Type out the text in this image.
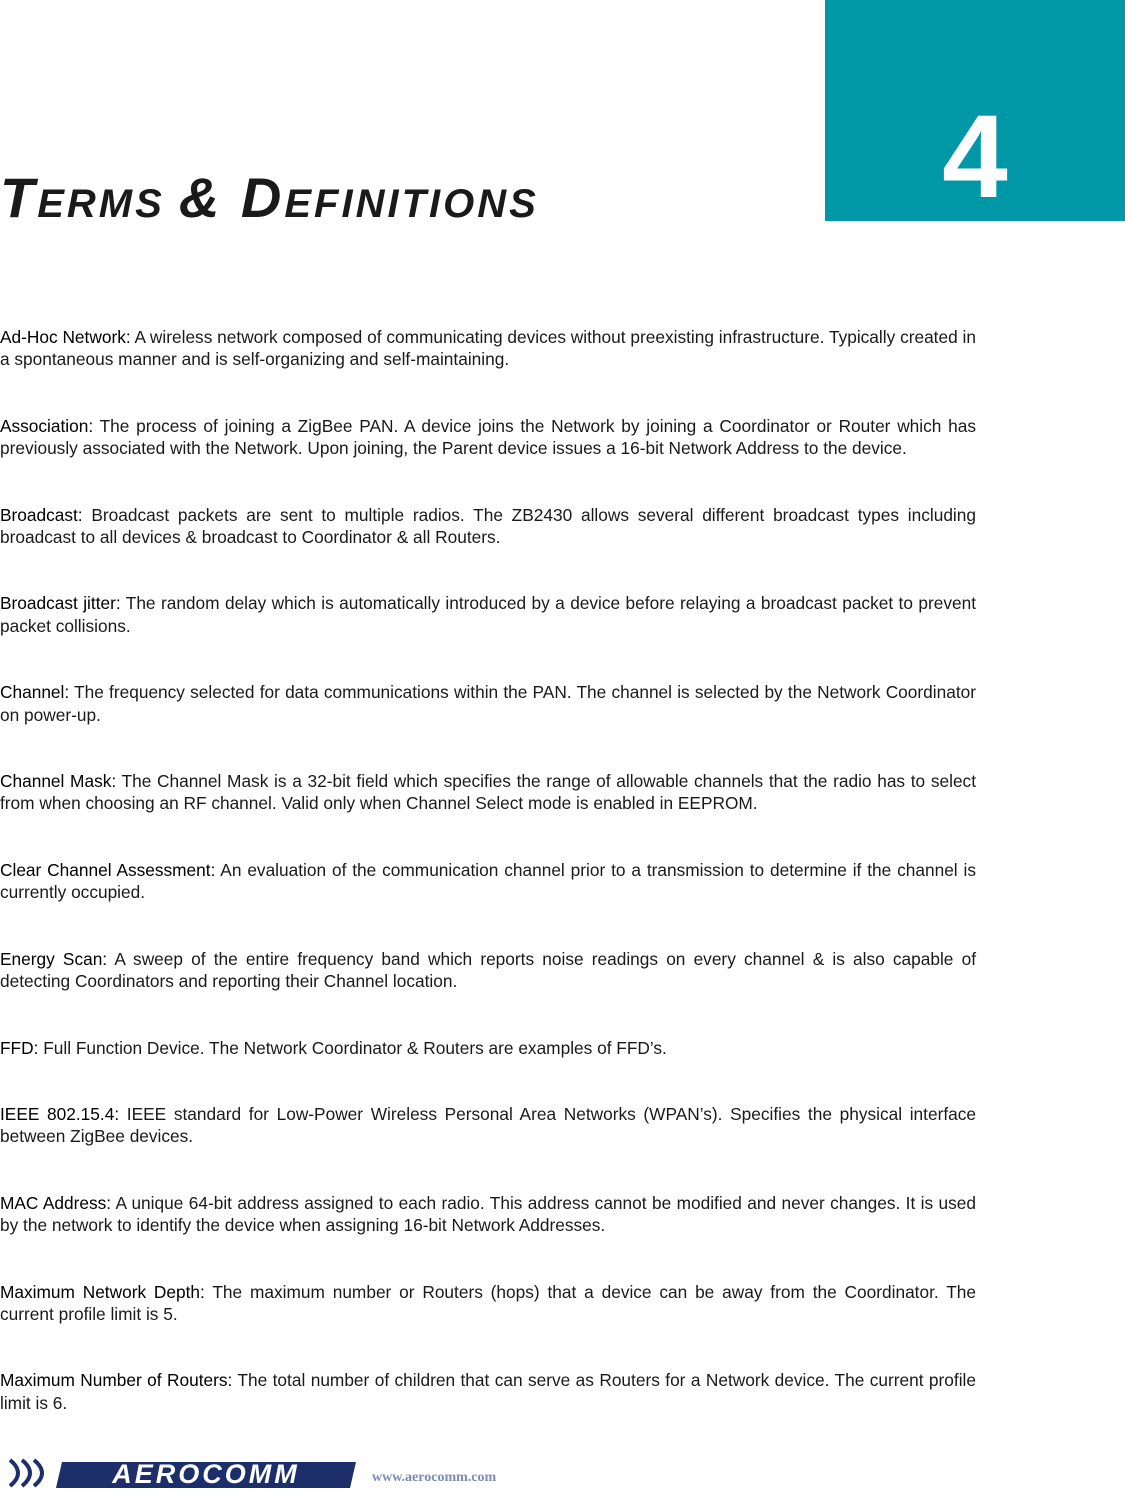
4
TERMS & DEFINITIONS

Ad-Hoc Network: A wireless network composed of communicating devices without preexisting infrastructure. Typically created in a spontaneous manner and is self-organizing and self-maintaining.

Association: The process of joining a ZigBee PAN. A device joins the Network by joining a Coordinator or Router which has previously associated with the Network. Upon joining, the Parent device issues a 16-bit Network Address to the device.

Broadcast: Broadcast packets are sent to multiple radios. The ZB2430 allows several different broadcast types including broadcast to all devices & broadcast to Coordinator & all Routers.

Broadcast jitter: The random delay which is automatically introduced by a device before relaying a broadcast packet to prevent packet collisions.

Channel: The frequency selected for data communications within the PAN. The channel is selected by the Network Coordinator on power-up.

Channel Mask: The Channel Mask is a 32-bit field which specifies the range of allowable channels that the radio has to select from when choosing an RF channel. Valid only when Channel Select mode is enabled in EEPROM.

Clear Channel Assessment: An evaluation of the communication channel prior to a transmission to determine if the channel is currently occupied.

Energy Scan: A sweep of the entire frequency band which reports noise readings on every channel & is also capable of detecting Coordinators and reporting their Channel location.

FFD: Full Function Device. The Network Coordinator & Routers are examples of FFD’s.

IEEE 802.15.4: IEEE standard for Low-Power Wireless Personal Area Networks (WPAN’s). Specifies the physical interface between ZigBee devices.

MAC Address: A unique 64-bit address assigned to each radio. This address cannot be modified and never changes. It is used by the network to identify the device when assigning 16-bit Network Addresses.

Maximum Network Depth: The maximum number or Routers (hops) that a device can be away from the Coordinator. The current profile limit is 5.

Maximum Number of Routers: The total number of children that can serve as Routers for a Network device. The current profile limit is 6.

AEROCOMM	www.aerocomm.com
